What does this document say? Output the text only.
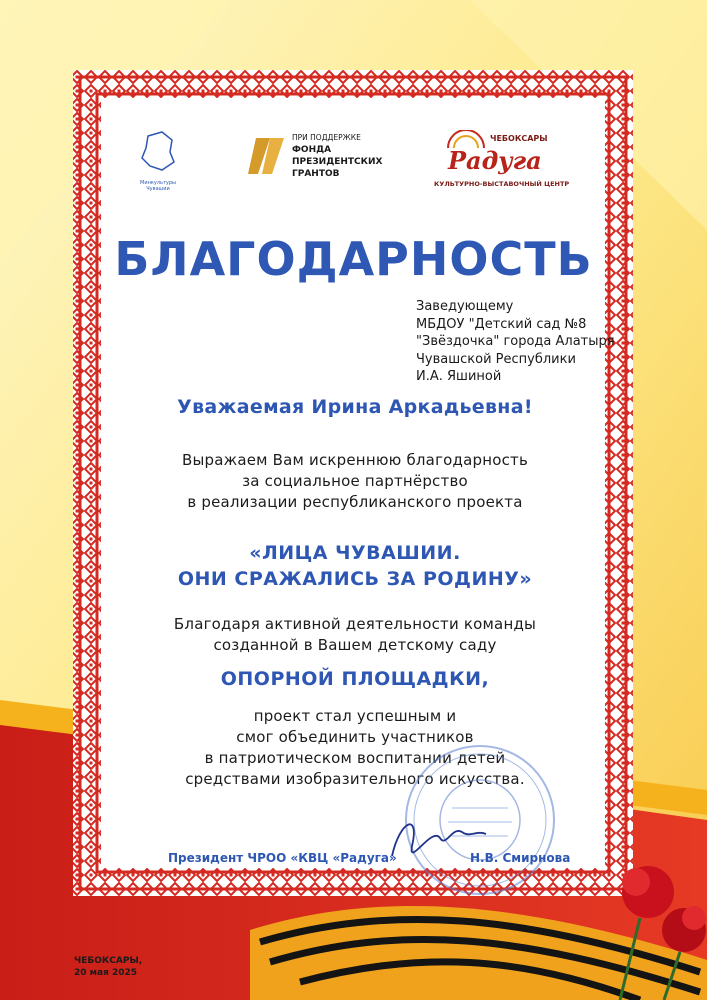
Минкультуры Чувашии
ПРИ ПОДДЕРЖКЕ
ФОНДА
ПРЕЗИДЕНТСКИХ
ГРАНТОВ
ЧЕБОКСАРЫ
Радуга
КУЛЬТУРНО-ВЫСТАВОЧНЫЙ ЦЕНТР
БЛАГОДАРНОСТЬ
Заведующему
МБДОУ "Детский сад №8
"Звёздочка" города Алатыря
Чувашской Республики
И.А. Яшиной
Уважаемая Ирина Аркадьевна!
Выражаем Вам искреннюю благодарность
за социальное партнёрство
в реализации республиканского проекта
«ЛИЦА ЧУВАШИИ.
ОНИ СРАЖАЛИСЬ ЗА РОДИНУ»
Благодаря активной деятельности команды
созданной в Вашем детскому саду
ОПОРНОЙ ПЛОЩАДКИ,
проект стал успешным и
смог объединить участников
в патриотическом воспитании детей
средствами изобразительного искусства.
Президент ЧРОО «КВЦ «Радуга»	Н.В. Смирнова
ЧЕБОКСАРЫ,
20 мая 2025
